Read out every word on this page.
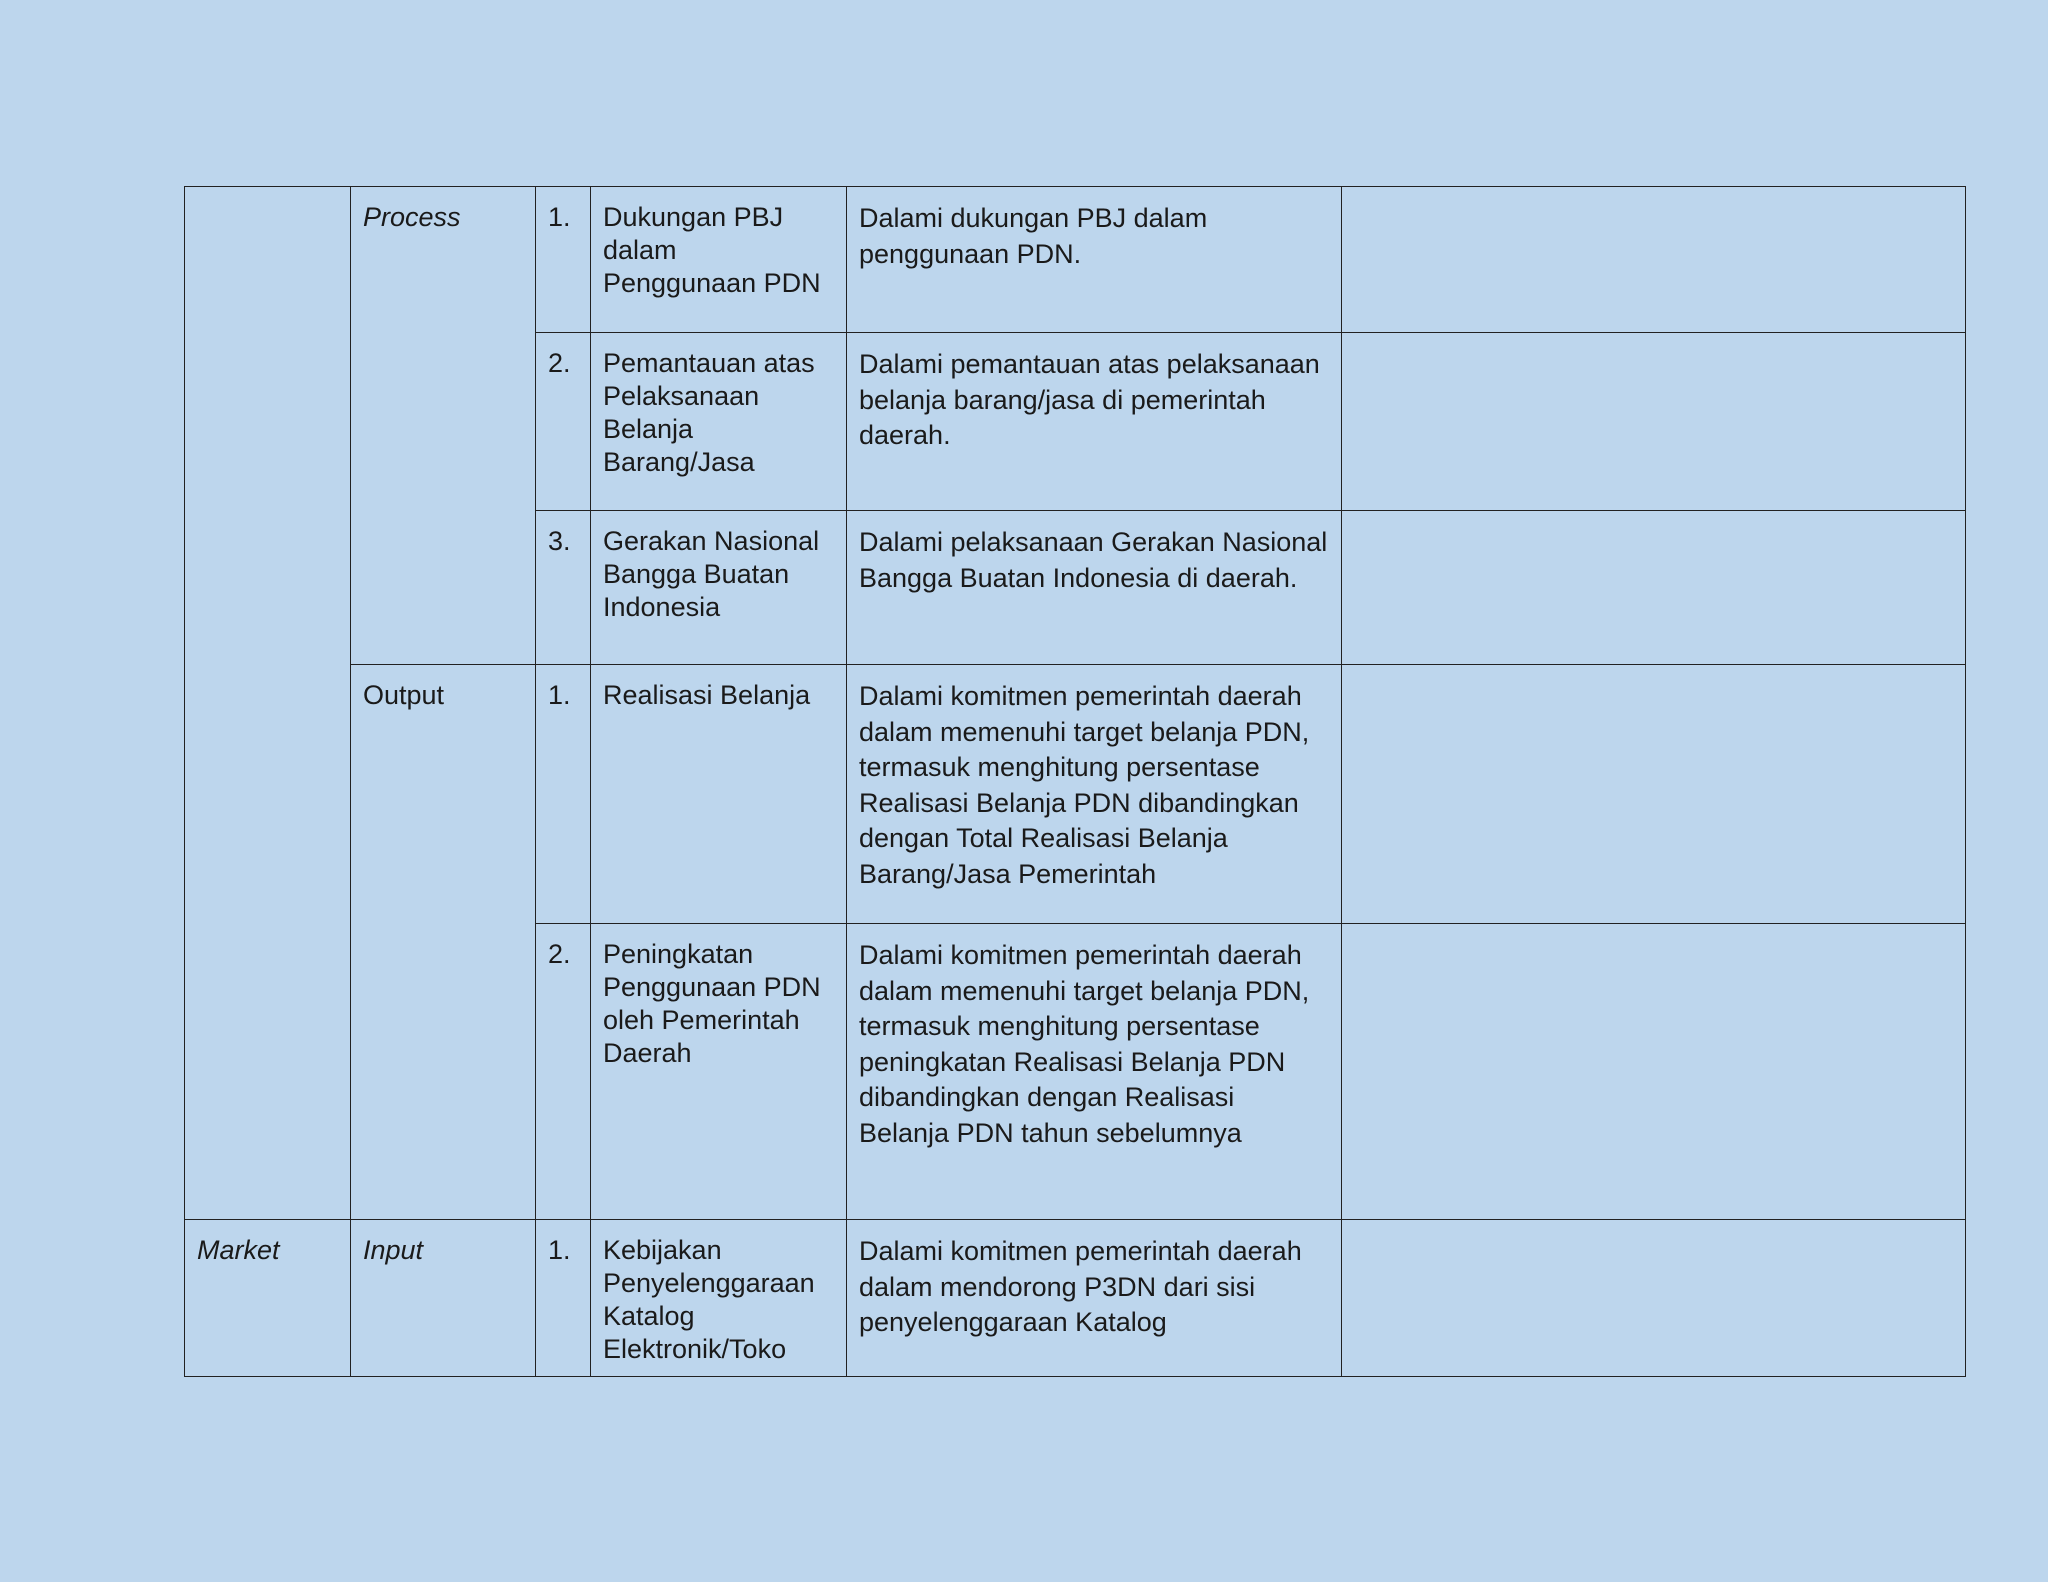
	Process	1.	Dukungan PBJ dalam Penggunaan PDN	Dalami dukungan PBJ dalam penggunaan PDN.	
		2.	Pemantauan atas Pelaksanaan Belanja Barang/Jasa	Dalami pemantauan atas pelaksanaan belanja barang/jasa di pemerintah daerah.	
		3.	Gerakan Nasional Bangga Buatan Indonesia	Dalami pelaksanaan Gerakan Nasional Bangga Buatan Indonesia di daerah.	
	Output	1.	Realisasi Belanja	Dalami komitmen pemerintah daerah dalam memenuhi target belanja PDN, termasuk menghitung persentase Realisasi Belanja PDN dibandingkan dengan Total Realisasi Belanja Barang/Jasa Pemerintah	
		2.	Peningkatan Penggunaan PDN oleh Pemerintah Daerah	Dalami komitmen pemerintah daerah dalam memenuhi target belanja PDN, termasuk menghitung persentase peningkatan Realisasi Belanja PDN dibandingkan dengan Realisasi Belanja PDN tahun sebelumnya	
Market	Input	1.	Kebijakan Penyelenggaraan Katalog Elektronik/Toko	Dalami komitmen pemerintah daerah dalam mendorong P3DN dari sisi penyelenggaraan Katalog	
